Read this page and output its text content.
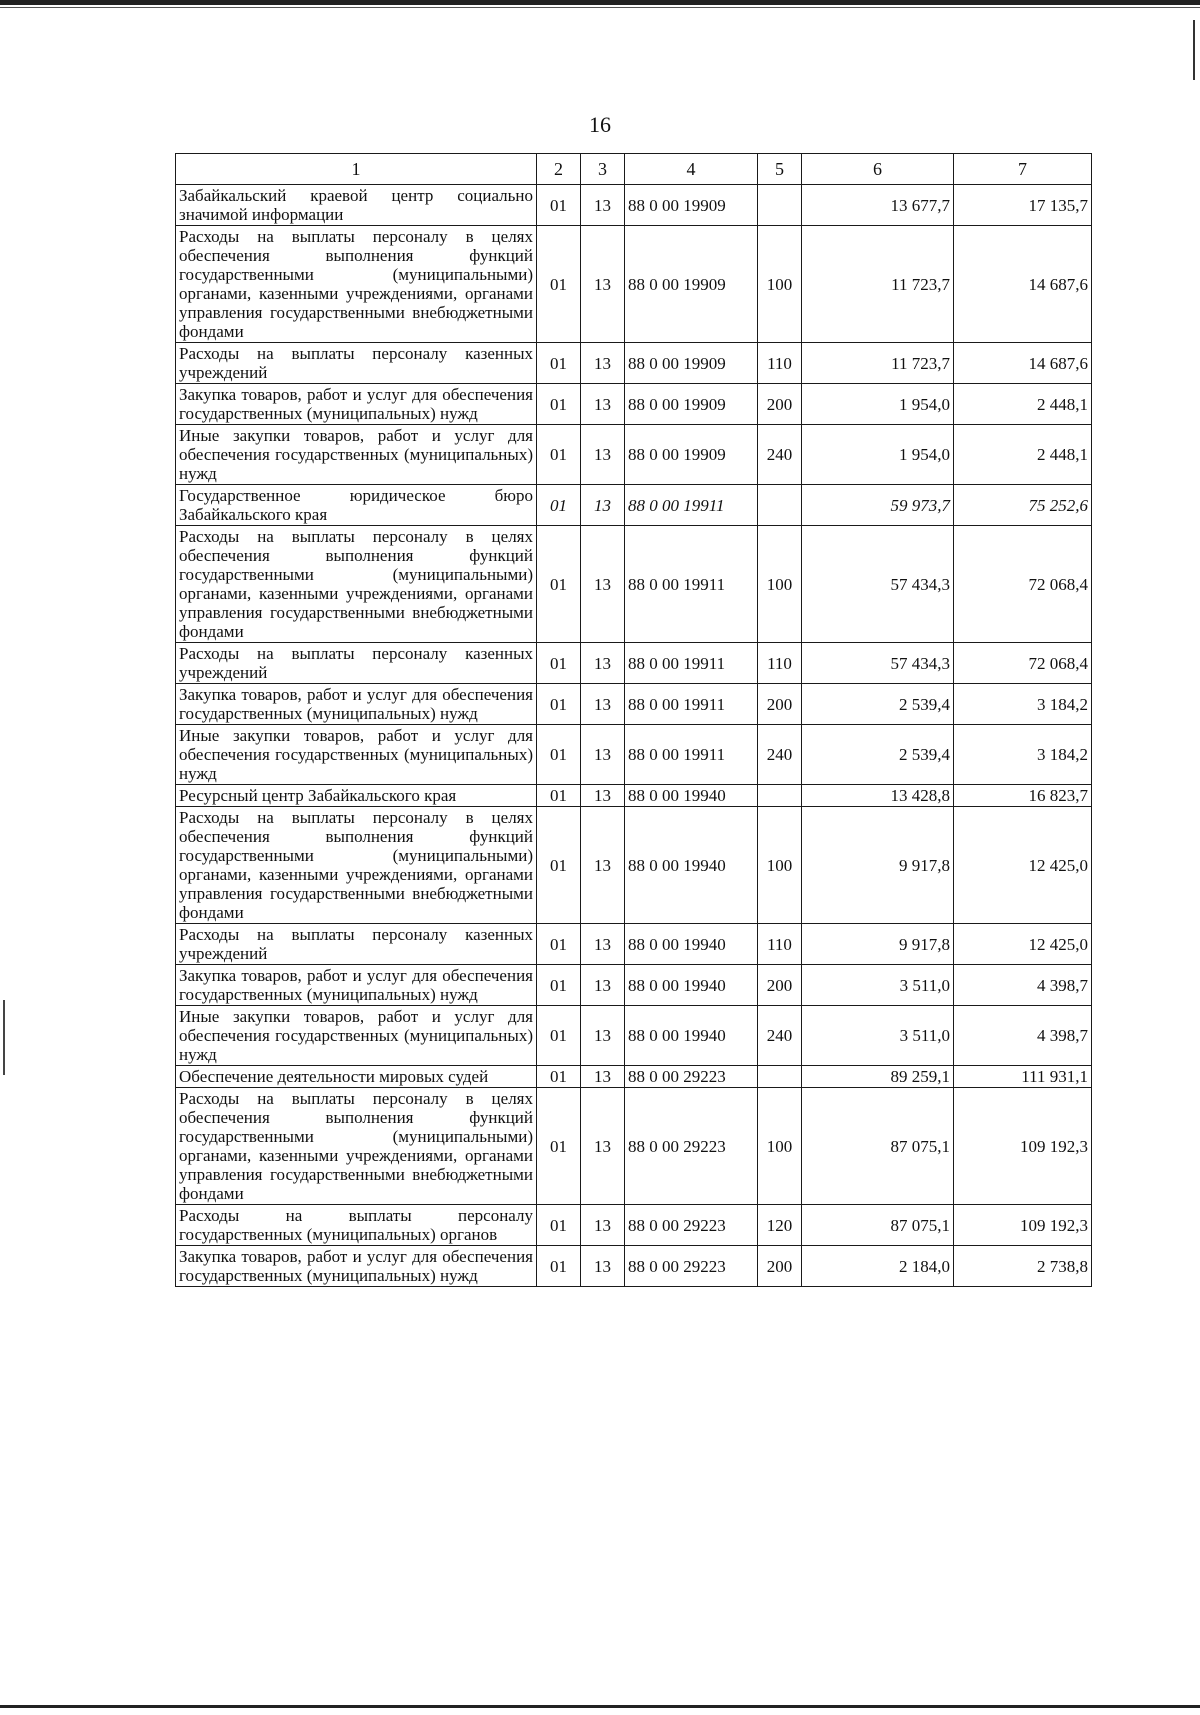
16
1	2	3	4	5	6	7
Забайкальский краевой центр социально значимой информации	01	13	88 0 00 19909		13 677,7	17 135,7
Расходы на выплаты персоналу в целях обеспечения выполнения функций государственными (муниципальными) органами, казенными учреждениями, органами управления государственными внебюджетными фондами	01	13	88 0 00 19909	100	11 723,7	14 687,6
Расходы на выплаты персоналу казенных учреждений	01	13	88 0 00 19909	110	11 723,7	14 687,6
Закупка товаров, работ и услуг для обеспечения государственных (муниципальных) нужд	01	13	88 0 00 19909	200	1 954,0	2 448,1
Иные закупки товаров, работ и услуг для обеспечения государственных (муниципальных) нужд	01	13	88 0 00 19909	240	1 954,0	2 448,1
Государственное юридическое бюро Забайкальского края	01	13	88 0 00 19911		59 973,7	75 252,6
Расходы на выплаты персоналу в целях обеспечения выполнения функций государственными (муниципальными) органами, казенными учреждениями, органами управления государственными внебюджетными фондами	01	13	88 0 00 19911	100	57 434,3	72 068,4
Расходы на выплаты персоналу казенных учреждений	01	13	88 0 00 19911	110	57 434,3	72 068,4
Закупка товаров, работ и услуг для обеспечения государственных (муниципальных) нужд	01	13	88 0 00 19911	200	2 539,4	3 184,2
Иные закупки товаров, работ и услуг для обеспечения государственных (муниципальных) нужд	01	13	88 0 00 19911	240	2 539,4	3 184,2
Ресурсный центр Забайкальского края	01	13	88 0 00 19940		13 428,8	16 823,7
Расходы на выплаты персоналу в целях обеспечения выполнения функций государственными (муниципальными) органами, казенными учреждениями, органами управления государственными внебюджетными фондами	01	13	88 0 00 19940	100	9 917,8	12 425,0
Расходы на выплаты персоналу казенных учреждений	01	13	88 0 00 19940	110	9 917,8	12 425,0
Закупка товаров, работ и услуг для обеспечения государственных (муниципальных) нужд	01	13	88 0 00 19940	200	3 511,0	4 398,7
Иные закупки товаров, работ и услуг для обеспечения государственных (муниципальных) нужд	01	13	88 0 00 19940	240	3 511,0	4 398,7
Обеспечение деятельности мировых судей	01	13	88 0 00 29223		89 259,1	111 931,1
Расходы на выплаты персоналу в целях обеспечения выполнения функций государственными (муниципальными) органами, казенными учреждениями, органами управления государственными внебюджетными фондами	01	13	88 0 00 29223	100	87 075,1	109 192,3
Расходы на выплаты персоналу государственных (муниципальных) органов	01	13	88 0 00 29223	120	87 075,1	109 192,3
Закупка товаров, работ и услуг для обеспечения государственных (муниципальных) нужд	01	13	88 0 00 29223	200	2 184,0	2 738,8
